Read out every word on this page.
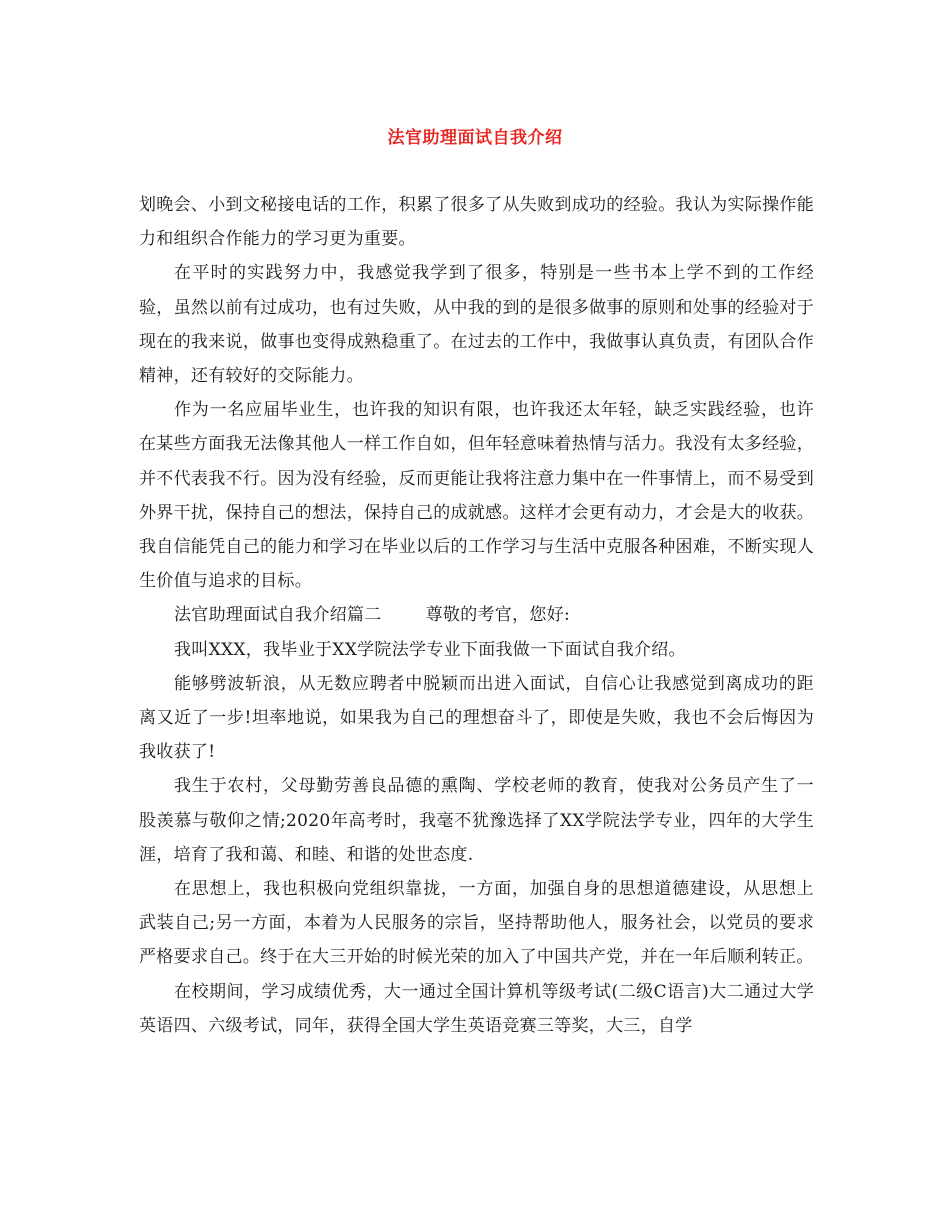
法官助理面试自我介绍

划晚会、小到文秘接电话的工作，积累了很多了从失败到成功的经验。我认为实际操作能力和组织合作能力的学习更为重要。

在平时的实践努力中，我感觉我学到了很多，特别是一些书本上学不到的工作经验，虽然以前有过成功，也有过失败，从中我的到的是很多做事的原则和处事的经验对于现在的我来说，做事也变得成熟稳重了。在过去的工作中，我做事认真负责，有团队合作精神，还有较好的交际能力。

作为一名应届毕业生，也许我的知识有限，也许我还太年轻，缺乏实践经验，也许在某些方面我无法像其他人一样工作自如，但年轻意味着热情与活力。我没有太多经验，并不代表我不行。因为没有经验，反而更能让我将注意力集中在一件事情上，而不易受到外界干扰，保持自己的想法，保持自己的成就感。这样才会更有动力，才会是大的收获。我自信能凭自己的能力和学习在毕业以后的工作学习与生活中克服各种困难，不断实现人生价值与追求的目标。

法官助理面试自我介绍篇二	尊敬的考官，您好:

我叫XXX，我毕业于XX学院法学专业下面我做一下面试自我介绍。

能够劈波斩浪，从无数应聘者中脱颖而出进入面试，自信心让我感觉到离成功的距离又近了一步!坦率地说，如果我为自己的理想奋斗了，即使是失败，我也不会后悔因为我收获了!

我生于农村，父母勤劳善良品德的熏陶、学校老师的教育，使我对公务员产生了一股羡慕与敬仰之情;2020年高考时，我毫不犹豫选择了XX学院法学专业，四年的大学生涯，培育了我和蔼、和睦、和谐的处世态度.

在思想上，我也积极向党组织靠拢，一方面，加强自身的思想道德建设，从思想上武装自己;另一方面，本着为人民服务的宗旨，坚持帮助他人，服务社会，以党员的要求严格要求自己。终于在大三开始的时候光荣的加入了中国共产党，并在一年后顺利转正。

在校期间，学习成绩优秀，大一通过全国计算机等级考试(二级C语言)大二通过大学英语四、六级考试，同年，获得全国大学生英语竞赛三等奖，大三，自学
